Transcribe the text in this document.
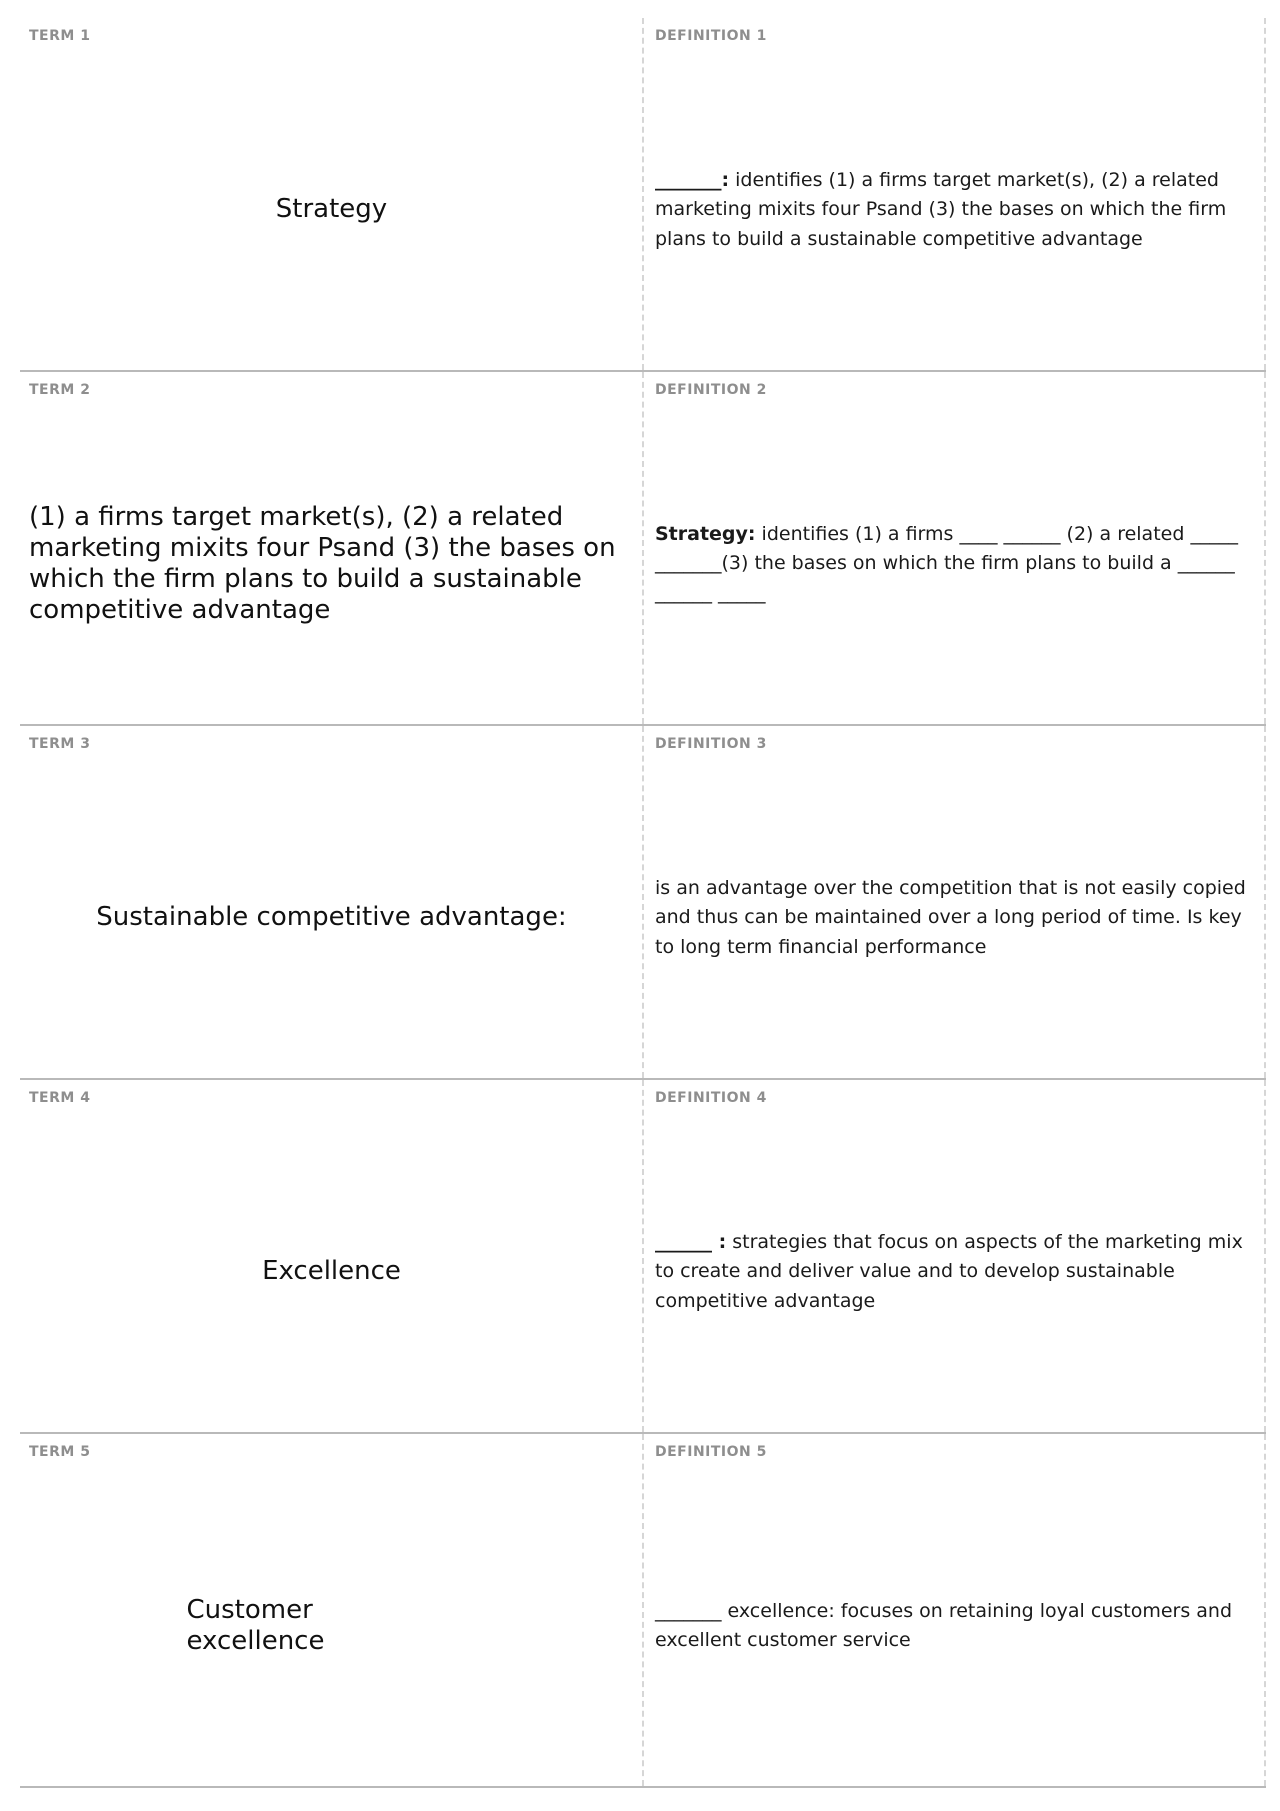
TERM 1
Strategy
DEFINITION 1
_______: identifies (1) a firms target market(s), (2) a related marketing mixits four Psand (3) the bases on which the firm plans to build a sustainable competitive advantage
TERM 2
(1) a firms target market(s), (2) a related marketing mixits four Psand (3) the bases on which the firm plans to build a sustainable competitive advantage
DEFINITION 2
Strategy: identifies (1) a firms ____ ______ (2) a related _____ _______(3) the bases on which the firm plans to build a ______ ______ _____
TERM 3
Sustainable competitive advantage:
DEFINITION 3
is an advantage over the competition that is not easily copied and thus can be maintained over a long period of time. Is key to long term financial performance
TERM 4
Excellence
DEFINITION 4
______ : strategies that focus on aspects of the marketing mix to create and deliver value and to develop sustainable competitive advantage
TERM 5
Customer excellence
DEFINITION 5
_______ excellence: focuses on retaining loyal customers and excellent customer service
